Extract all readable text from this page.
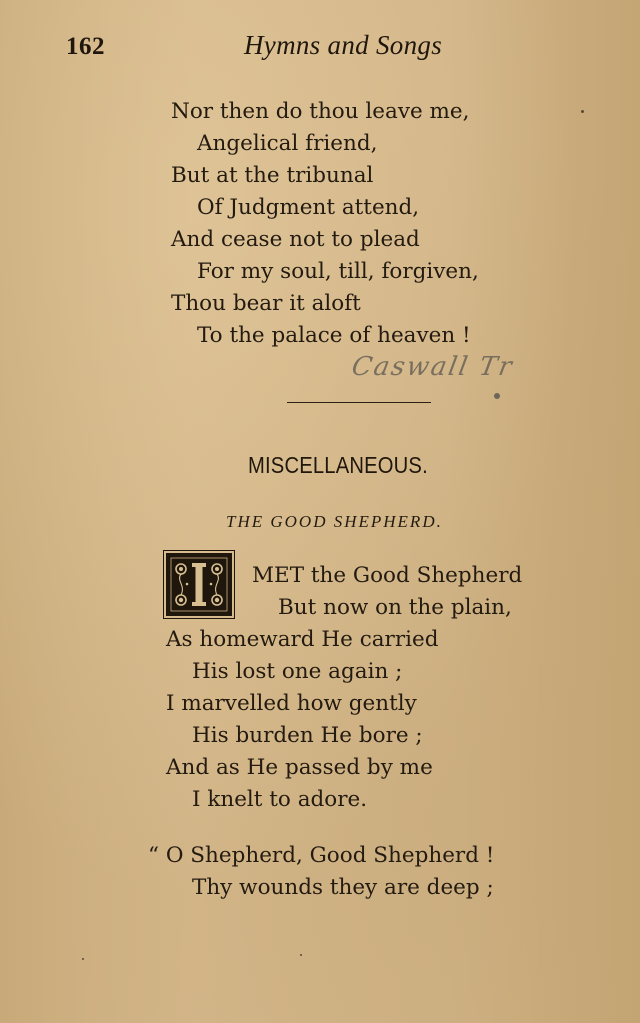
162	Hymns and Songs
Nor then do thou leave me,
Angelical friend,
But at the tribunal
Of Judgment attend,
And cease not to plead
For my soul, till, forgiven,
Thou bear it aloft
To the palace of heaven !
Caswall Tr
MISCELLANEOUS.
THE GOOD SHEPHERD.
MET the Good Shepherd
But now on the plain,
As homeward He carried
His lost one again ;
I marvelled how gently
His burden He bore ;
And as He passed by me
I knelt to adore.
“ O Shepherd, Good Shepherd !
Thy wounds they are deep ;
